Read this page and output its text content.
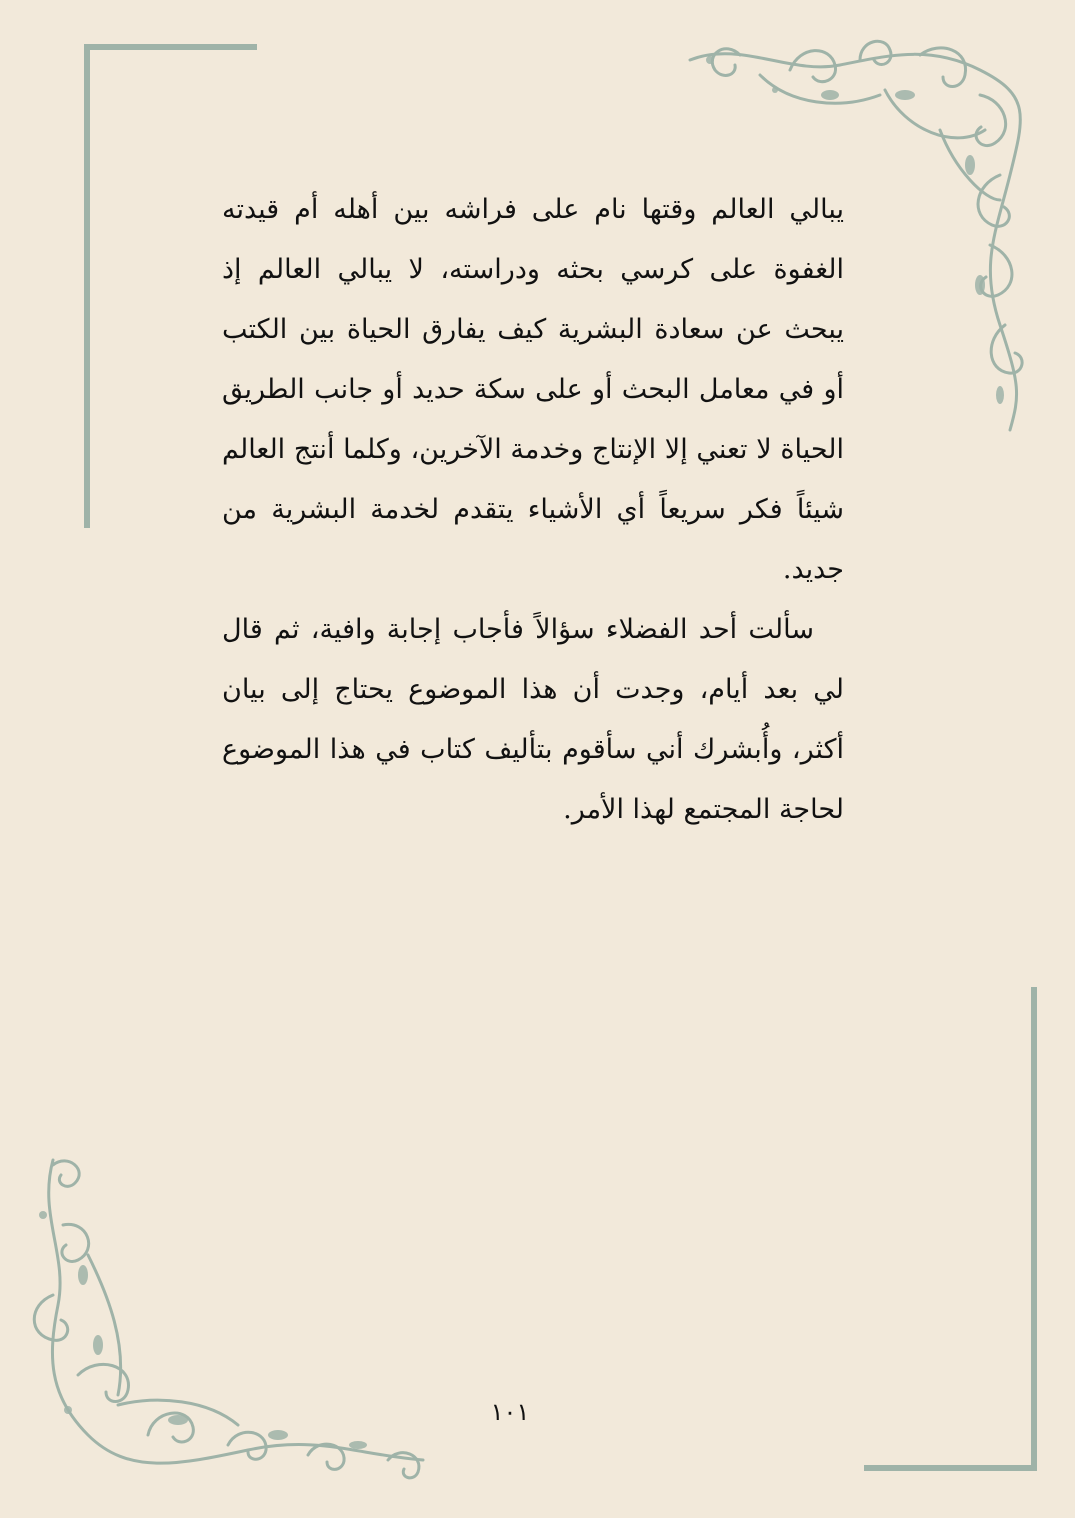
يبالي العالم وقتها نام على فراشه بين أهله أم قيدته الغفوة على كرسي بحثه ودراسته، لا يبالي العالم إذ يبحث عن سعادة البشرية كيف يفارق الحياة بين الكتب أو في معامل البحث أو على سكة حديد أو جانب الطريق الحياة لا تعني إلا الإنتاج وخدمة الآخرين، وكلما أنتج العالم شيئاً فكر سريعاً أي الأشياء يتقدم لخدمة البشرية من جديد.

سألت أحد الفضلاء سؤالاً فأجاب إجابة وافية، ثم قال لي بعد أيام، وجدت أن هذا الموضوع يحتاج إلى بيان أكثر، وأُبشرك أني سأقوم بتأليف كتاب في هذا الموضوع لحاجة المجتمع لهذا الأمر.

١٠١
